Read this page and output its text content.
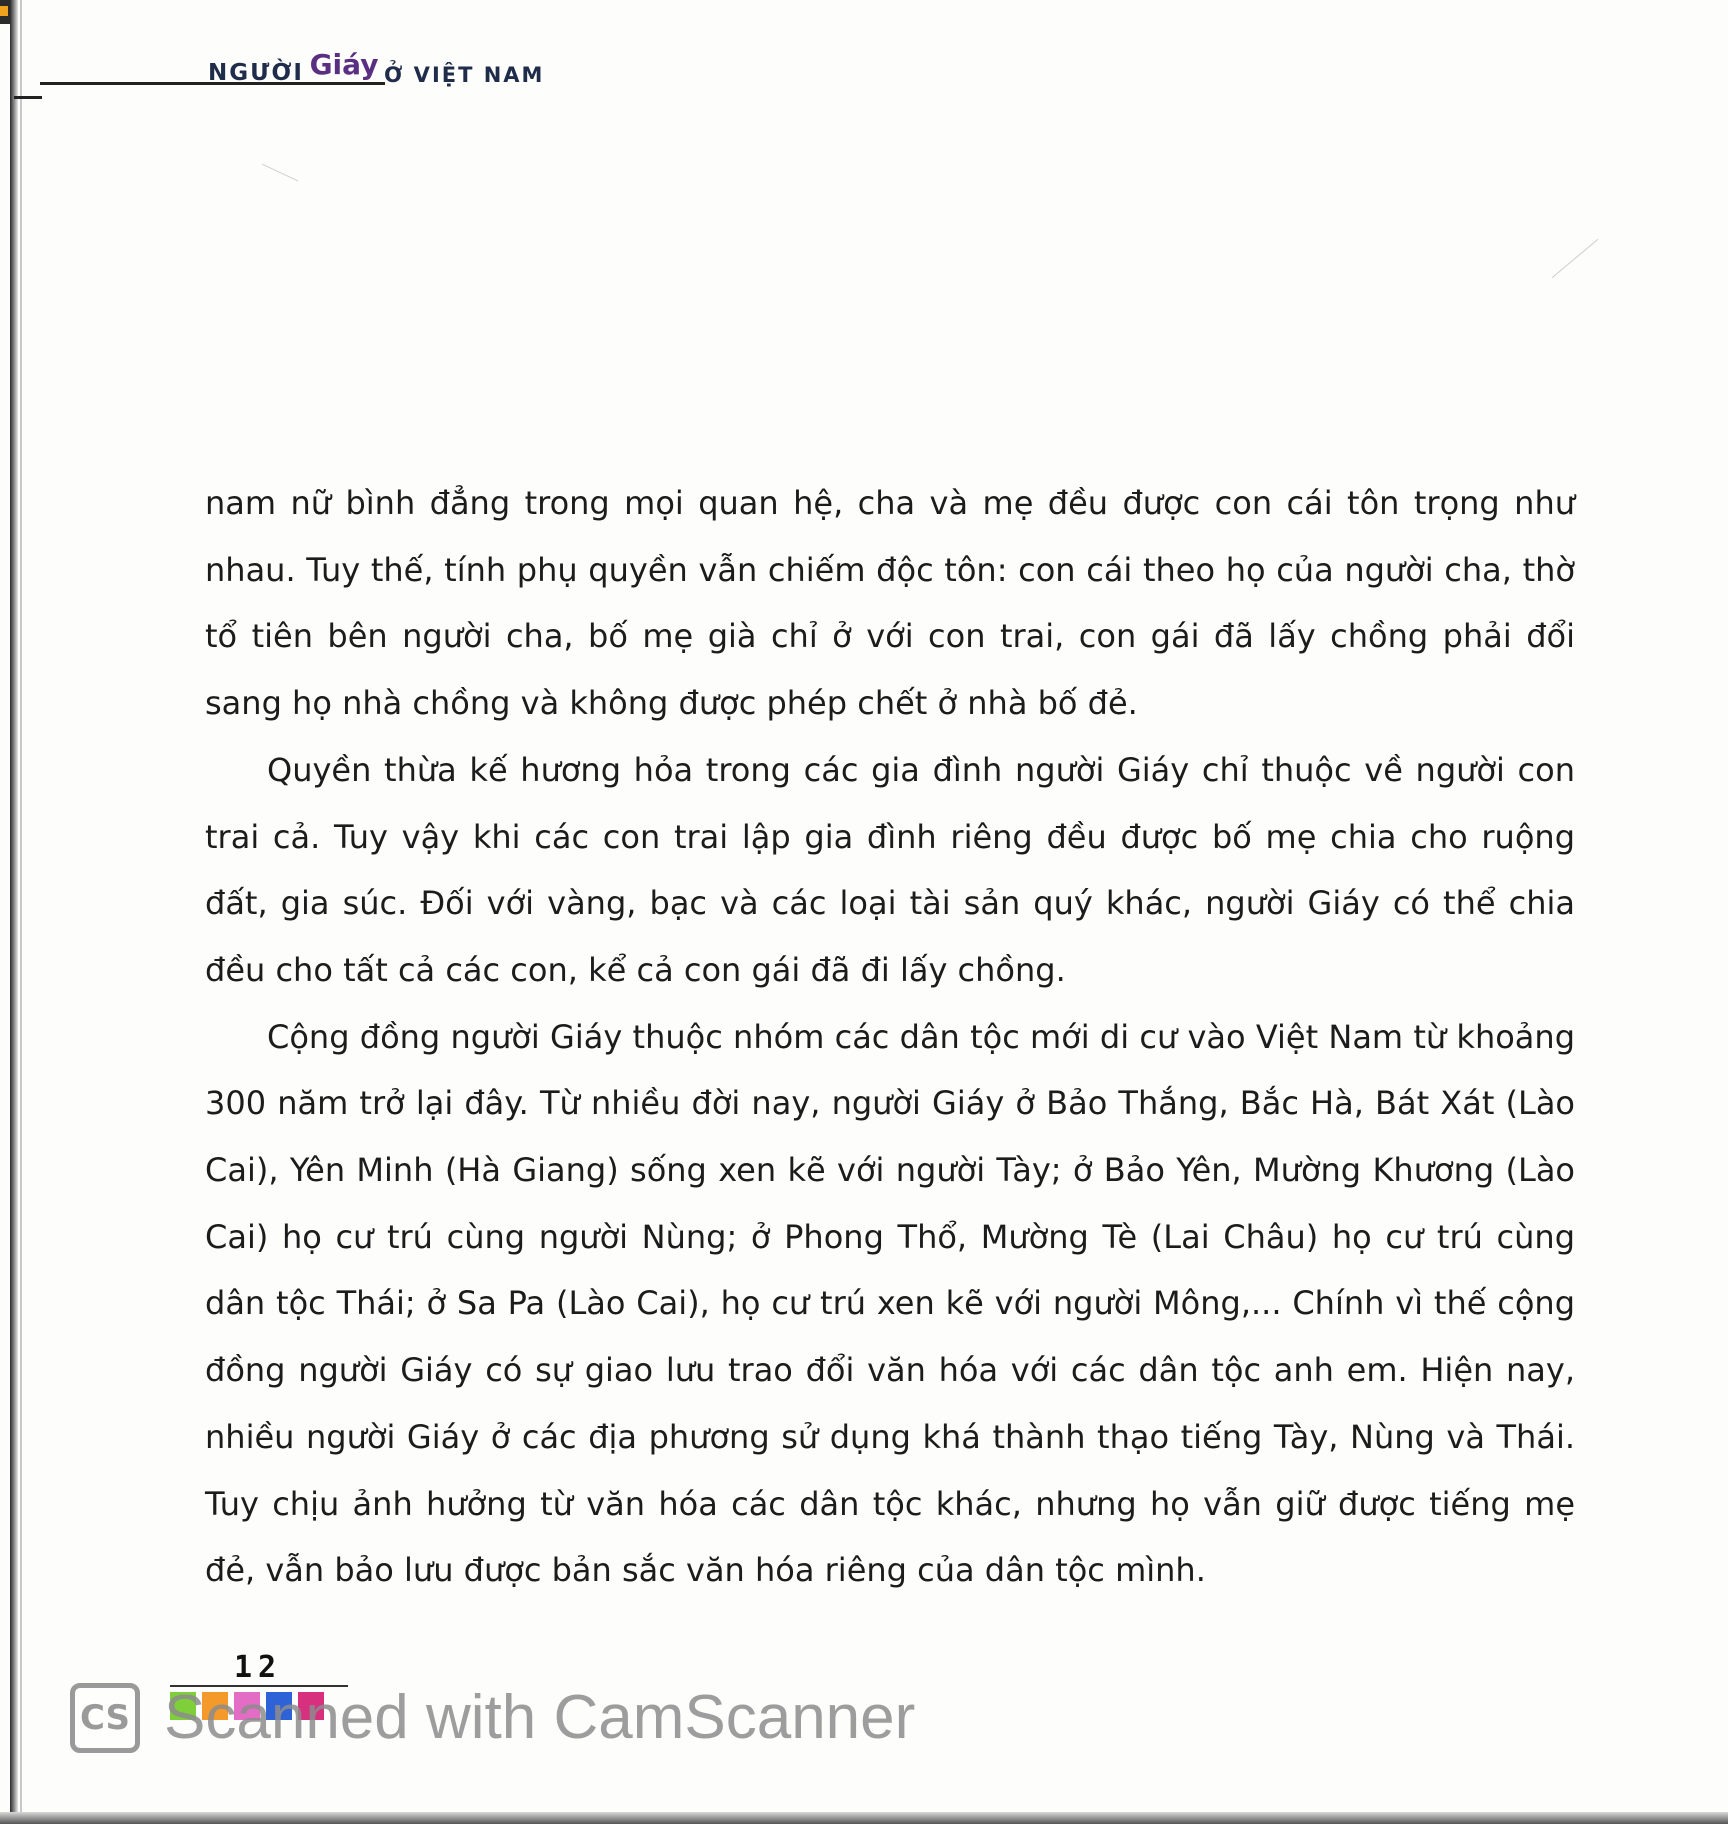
NGƯỜI Giáy Ở VIỆT NAM

nam nữ bình đẳng trong mọi quan hệ, cha và mẹ đều được con cái tôn trọng như nhau. Tuy thế, tính phụ quyền vẫn chiếm độc tôn: con cái theo họ của người cha, thờ tổ tiên bên người cha, bố mẹ già chỉ ở với con trai, con gái đã lấy chồng phải đổi sang họ nhà chồng và không được phép chết ở nhà bố đẻ.

Quyền thừa kế hương hỏa trong các gia đình người Giáy chỉ thuộc về người con trai cả. Tuy vậy khi các con trai lập gia đình riêng đều được bố mẹ chia cho ruộng đất, gia súc. Đối với vàng, bạc và các loại tài sản quý khác, người Giáy có thể chia đều cho tất cả các con, kể cả con gái đã đi lấy chồng.

Cộng đồng người Giáy thuộc nhóm các dân tộc mới di cư vào Việt Nam từ khoảng 300 năm trở lại đây. Từ nhiều đời nay, người Giáy ở Bảo Thắng, Bắc Hà, Bát Xát (Lào Cai), Yên Minh (Hà Giang) sống xen kẽ với người Tày; ở Bảo Yên, Mường Khương (Lào Cai) họ cư trú cùng người Nùng; ở Phong Thổ, Mường Tè (Lai Châu) họ cư trú cùng dân tộc Thái; ở Sa Pa (Lào Cai), họ cư trú xen kẽ với người Mông,... Chính vì thế cộng đồng người Giáy có sự giao lưu trao đổi văn hóa với các dân tộc anh em. Hiện nay, nhiều người Giáy ở các địa phương sử dụng khá thành thạo tiếng Tày, Nùng và Thái. Tuy chịu ảnh hưởng từ văn hóa các dân tộc khác, nhưng họ vẫn giữ được tiếng mẹ đẻ, vẫn bảo lưu được bản sắc văn hóa riêng của dân tộc mình.

12
CS Scanned with CamScanner
